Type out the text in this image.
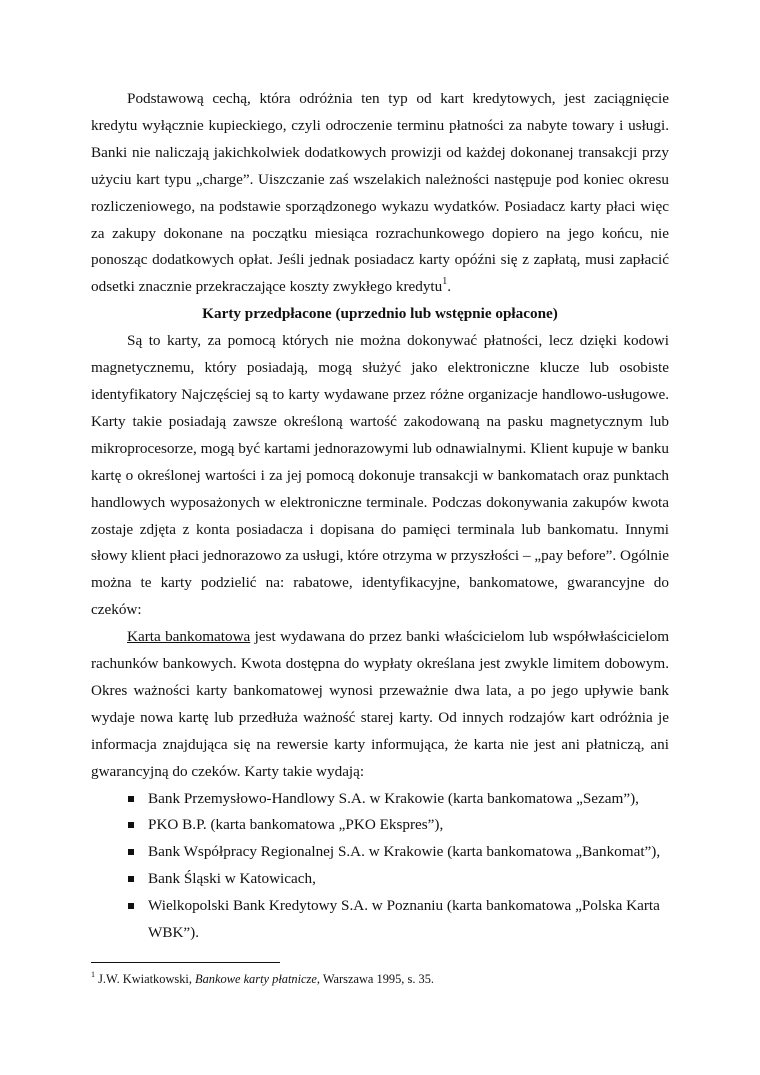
Podstawową cechą, która odróżnia ten typ od kart kredytowych, jest zaciągnięcie kredytu wyłącznie kupieckiego, czyli odroczenie terminu płatności za nabyte towary i usługi. Banki nie naliczają jakichkolwiek dodatkowych prowizji od każdej dokonanej transakcji przy użyciu kart typu „charge”. Uiszczanie zaś wszelakich należności następuje pod koniec okresu rozliczeniowego, na podstawie sporządzonego wykazu wydatków. Posiadacz karty płaci więc za zakupy dokonane na początku miesiąca rozrachunkowego dopiero na jego końcu, nie ponosząc dodatkowych opłat. Jeśli jednak posiadacz karty opóźni się z zapłatą, musi zapłacić odsetki znacznie przekraczające koszty zwykłego kredytu$^1$.

Karty przedpłacone (uprzednio lub wstępnie opłacone)

Są to karty, za pomocą których nie można dokonywać płatności, lecz dzięki kodowi magnetycznemu, który posiadają, mogą służyć jako elektroniczne klucze lub osobiste identyfikatory Najczęściej są to karty wydawane przez różne organizacje handlowo-usługowe. Karty takie posiadają zawsze określoną wartość zakodowaną na pasku magnetycznym lub mikroprocesorze, mogą być kartami jednorazowymi lub odnawialnymi. Klient kupuje w banku kartę o określonej wartości i za jej pomocą dokonuje transakcji w bankomatach oraz punktach handlowych wyposażonych w elektroniczne terminale. Podczas dokonywania zakupów kwota zostaje zdjęta z konta posiadacza i dopisana do pamięci terminala lub bankomatu. Innymi słowy klient płaci jednorazowo za usługi, które otrzyma w przyszłości – „pay before”. Ogólnie można te karty podzielić na: rabatowe, identyfikacyjne, bankomatowe, gwarancyjne do czeków:

Karta bankomatowa jest wydawana do przez banki właścicielom lub współwłaścicielom rachunków bankowych. Kwota dostępna do wypłaty określana jest zwykle limitem dobowym. Okres ważności karty bankomatowej wynosi przeważnie dwa lata, a po jego upływie bank wydaje nowa kartę lub przedłuża ważność starej karty. Od innych rodzajów kart odróżnia je informacja znajdująca się na rewersie karty informująca, że karta nie jest ani płatniczą, ani gwarancyjną do czeków. Karty takie wydają:

Bank Przemysłowo-Handlowy S.A. w Krakowie (karta bankomatowa „Sezam”),
PKO B.P. (karta bankomatowa „PKO Ekspres”),
Bank Współpracy Regionalnej S.A. w Krakowie (karta bankomatowa „Bankomat”),
Bank Śląski w Katowicach,
Wielkopolski Bank Kredytowy S.A. w Poznaniu (karta bankomatowa „Polska Karta WBK”).
$^1$ J.W. Kwiatkowski, Bankowe karty płatnicze, Warszawa 1995, s. 35.
